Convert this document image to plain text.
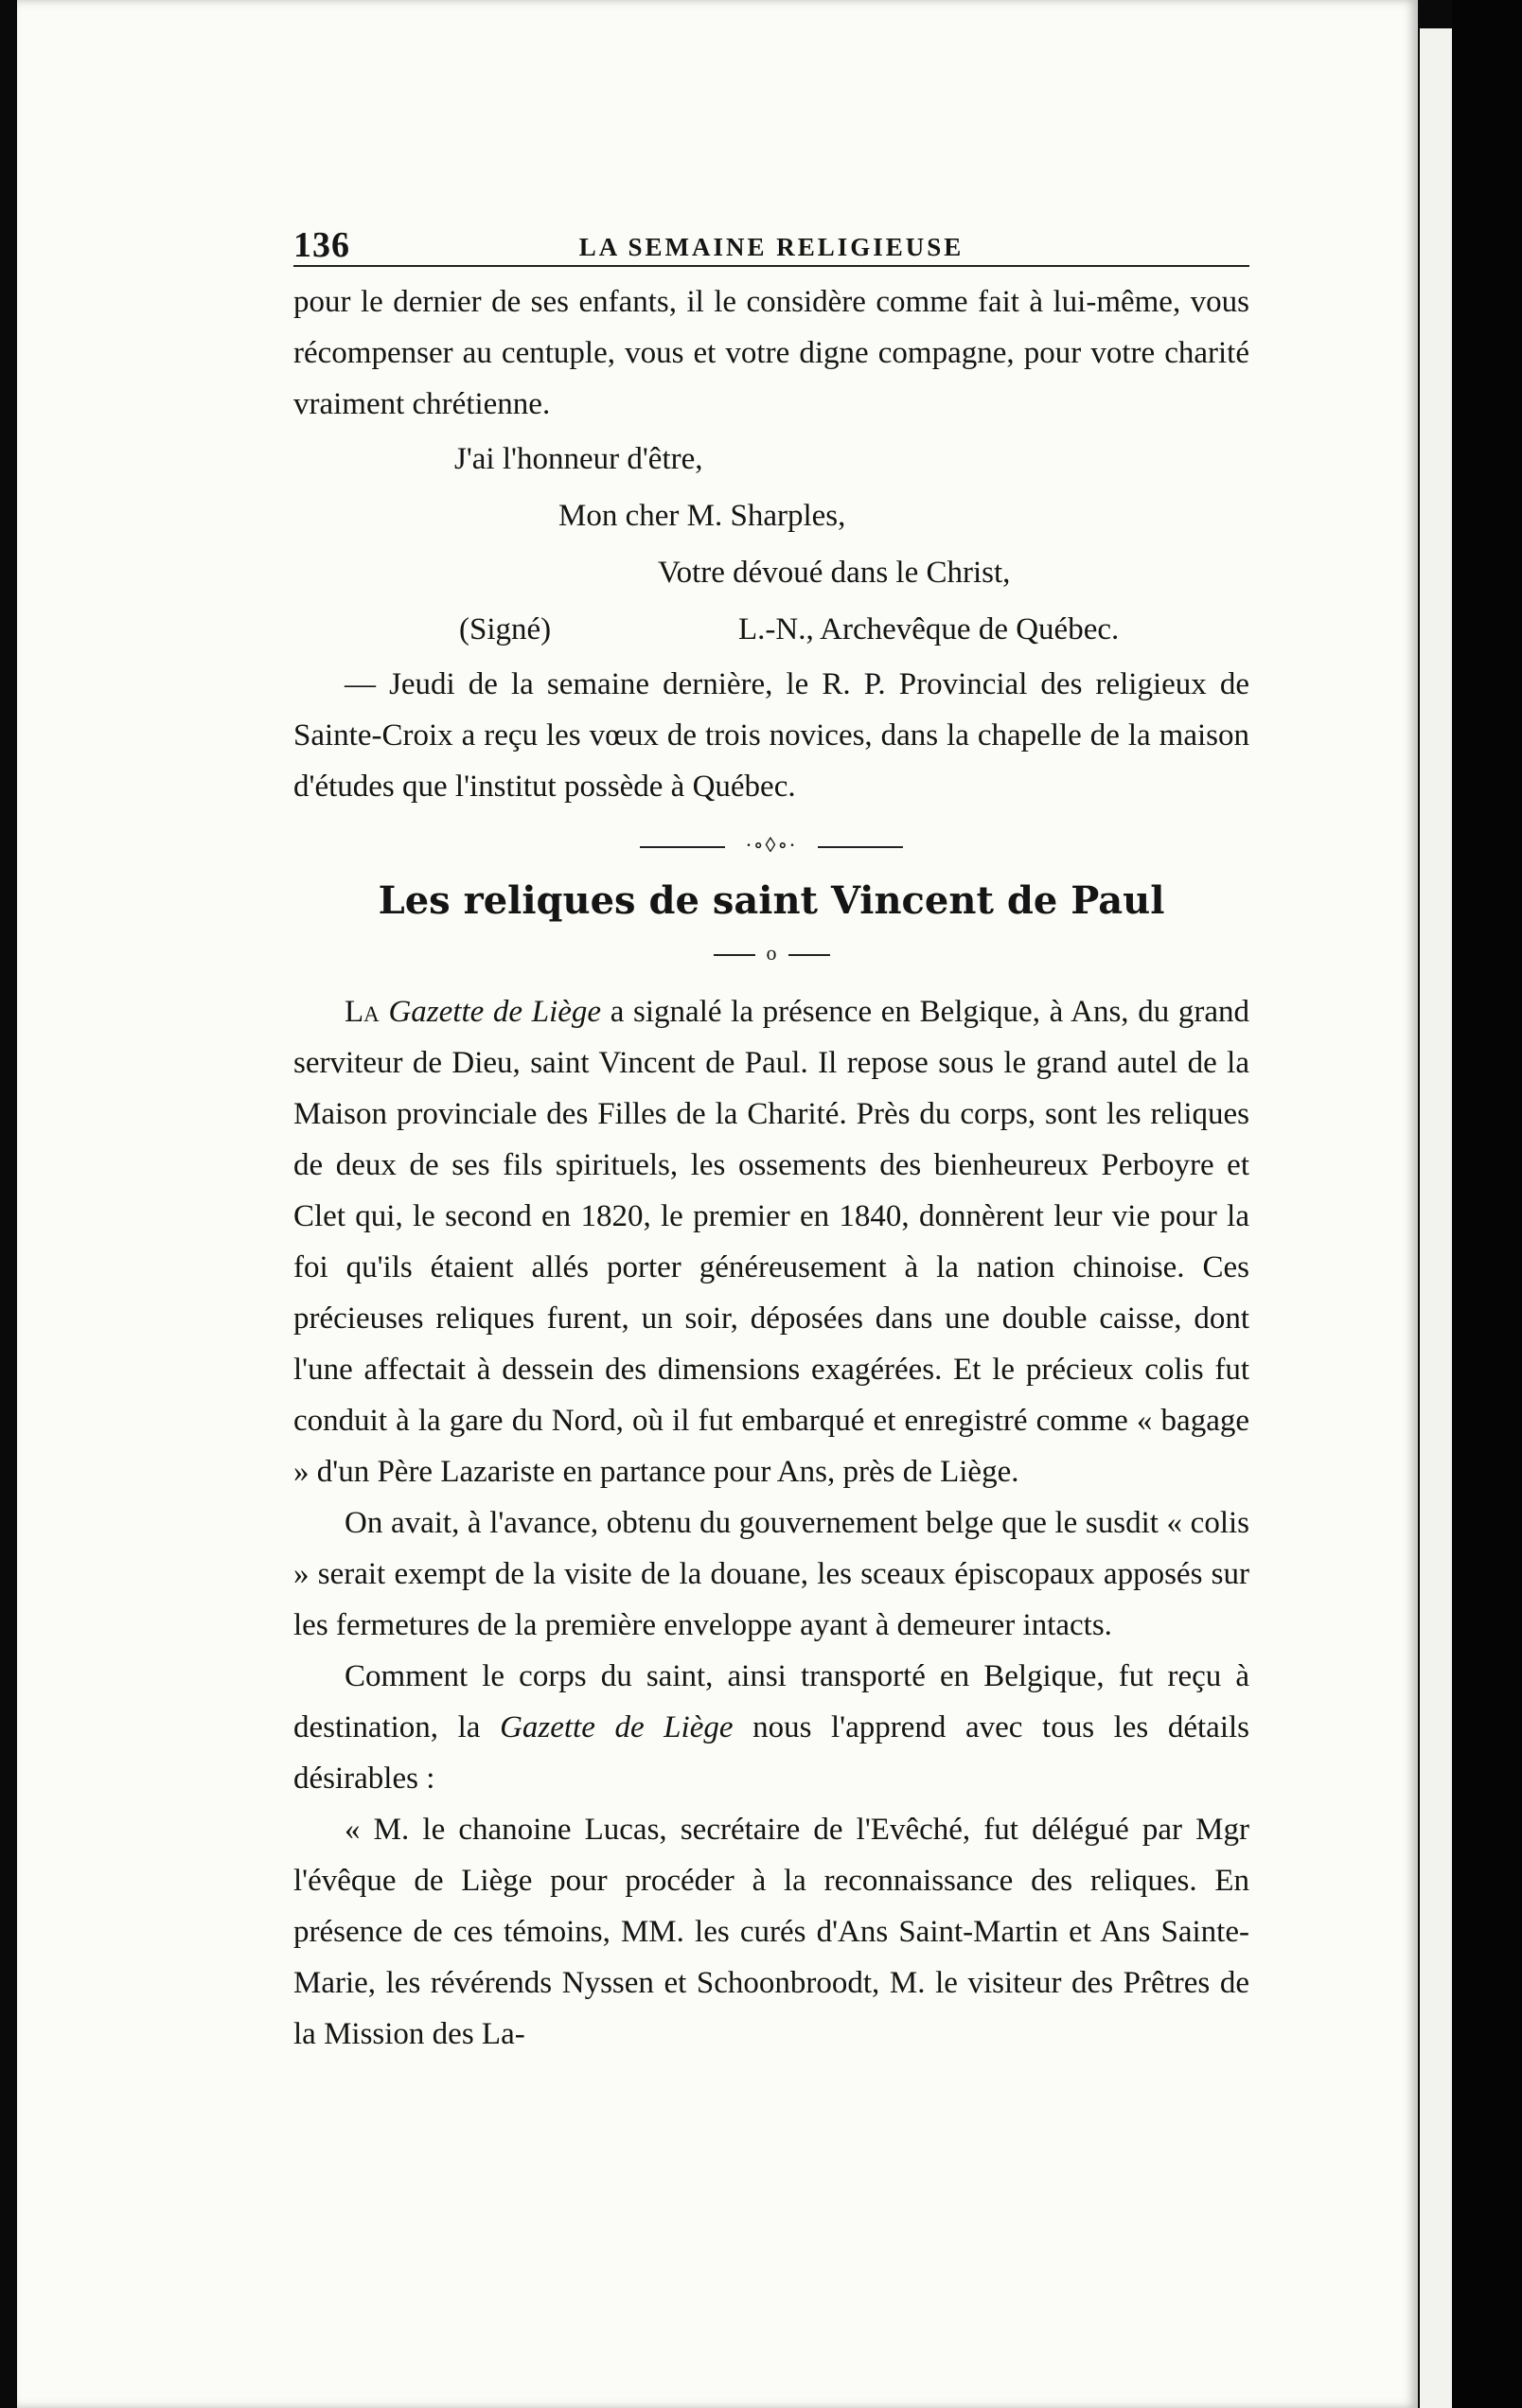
136	LA SEMAINE RELIGIEUSE

pour le dernier de ses enfants, il le considère comme fait à lui-même, vous récompenser au centuple, vous et votre digne compagne, pour votre charité vraiment chrétienne.

J'ai l'honneur d'être,
Mon cher M. Sharples,
Votre dévoué dans le Christ,
(Signé)	L.-N., Archevêque de Québec.

— Jeudi de la semaine dernière, le R. P. Provincial des religieux de Sainte-Croix a reçu les vœux de trois novices, dans la chapelle de la maison d'études que l'institut possède à Québec.

∙∘◊∘∙
Les reliques de saint Vincent de Paul
o

La Gazette de Liège a signalé la présence en Belgique, à Ans, du grand serviteur de Dieu, saint Vincent de Paul. Il repose sous le grand autel de la Maison provinciale des Filles de la Charité. Près du corps, sont les reliques de deux de ses fils spirituels, les ossements des bienheureux Perboyre et Clet qui, le second en 1820, le premier en 1840, donnèrent leur vie pour la foi qu'ils étaient allés porter généreusement à la nation chinoise. Ces précieuses reliques furent, un soir, déposées dans une double caisse, dont l'une affectait à dessein des dimensions exagérées. Et le précieux colis fut conduit à la gare du Nord, où il fut embarqué et enregistré comme « bagage » d'un Père Lazariste en partance pour Ans, près de Liège.

On avait, à l'avance, obtenu du gouvernement belge que le susdit « colis » serait exempt de la visite de la douane, les sceaux épiscopaux apposés sur les fermetures de la première enveloppe ayant à demeurer intacts.

Comment le corps du saint, ainsi transporté en Belgique, fut reçu à destination, la Gazette de Liège nous l'apprend avec tous les détails désirables :

« M. le chanoine Lucas, secrétaire de l'Evêché, fut délégué par Mgr l'évêque de Liège pour procéder à la reconnaissance des reliques. En présence de ces témoins, MM. les curés d'Ans Saint-Martin et Ans Sainte-Marie, les révérends Nyssen et Schoonbroodt, M. le visiteur des Prêtres de la Mission des La-
